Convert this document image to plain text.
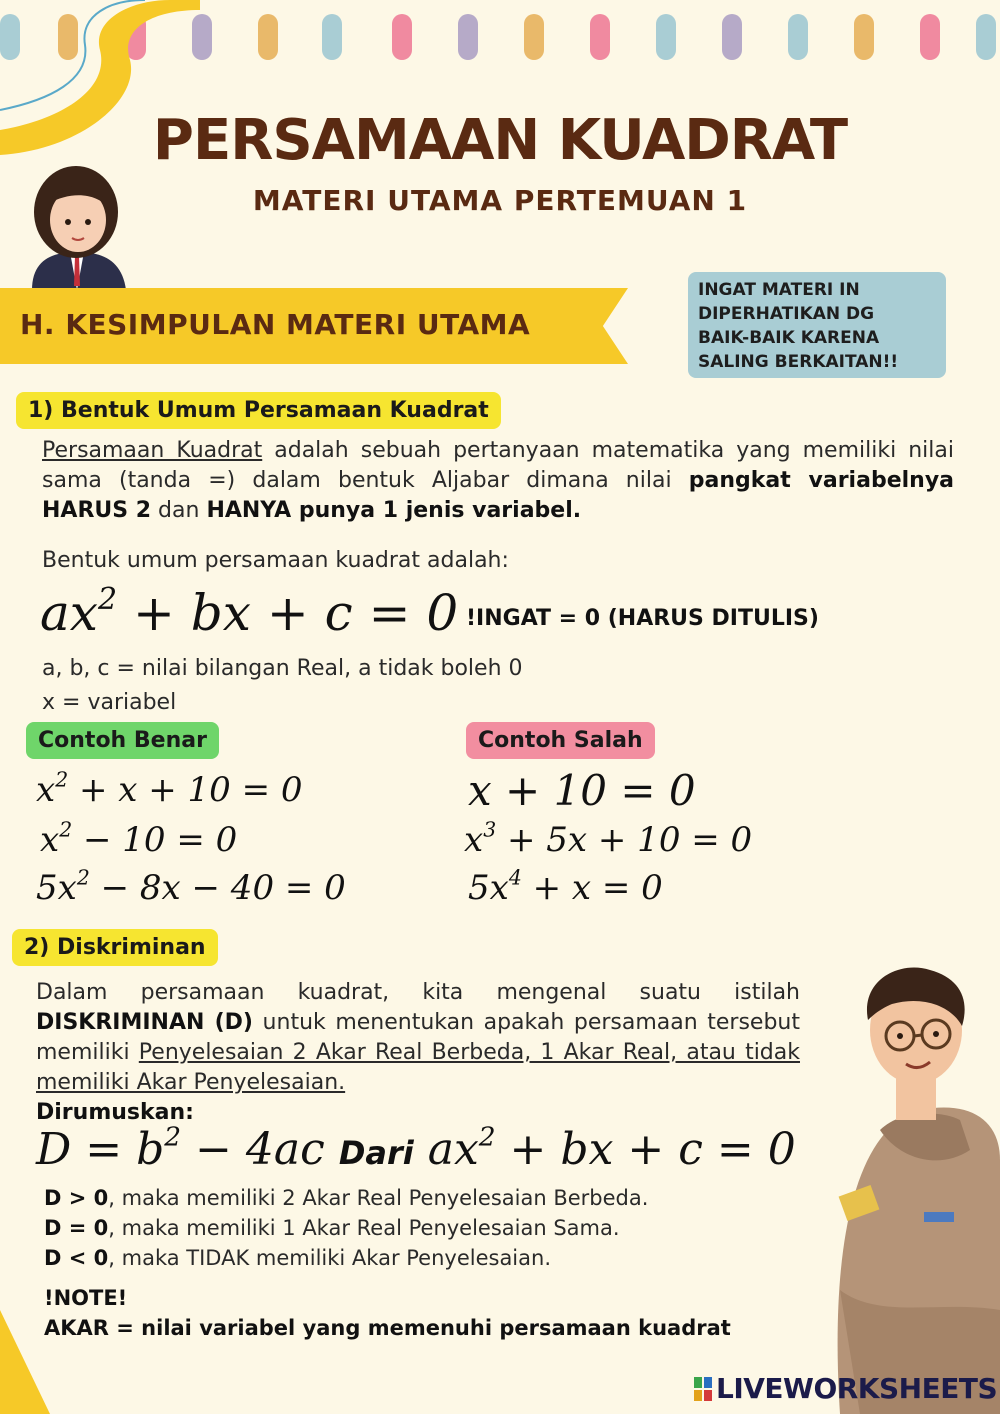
PERSAMAAN KUADRAT
MATERI UTAMA PERTEMUAN 1
H. KESIMPULAN MATERI UTAMA
INGAT MATERI IN
DIPERHATIKAN DG
BAIK-BAIK KARENA
SALING BERKAITAN!!
1) Bentuk Umum Persamaan Kuadrat
Persamaan Kuadrat adalah sebuah pertanyaan matematika yang memiliki nilai sama (tanda =) dalam bentuk Aljabar dimana nilai pangkat variabelnya HARUS 2 dan HANYA punya 1 jenis variabel.
Bentuk umum persamaan kuadrat adalah:
$ax^2$ + bx + c = 0 !INGAT = 0 (HARUS DITULIS)
a, b, c = nilai bilangan Real, a tidak boleh 0
x = variabel
Contoh Benar	Contoh Salah
$x^2 + x + 10 = 0$
$x^2 - 10 = 0$
$5x^2 - 8x - 40 = 0$
x + 10 = 0
$x^3 + 5x + 10 = 0$
$5x^4 + x = 0$
2) Diskriminan
Dalam persamaan kuadrat, kita mengenal suatu istilah DISKRIMINAN (D) untuk menentukan apakah persamaan tersebut memiliki Penyelesaian 2 Akar Real Berbeda, 1 Akar Real, atau tidak memiliki Akar Penyelesaian.
Dirumuskan:
$D = b^2 - 4ac$ Dari $ax^2$ + bx + c = 0
D > 0, maka memiliki 2 Akar Real Penyelesaian Berbeda.
D = 0, maka memiliki 1 Akar Real Penyelesaian Sama.
D < 0, maka TIDAK memiliki Akar Penyelesaian.
!NOTE!
AKAR = nilai variabel yang memenuhi persamaan kuadrat
LIVEWORKSHEETS
